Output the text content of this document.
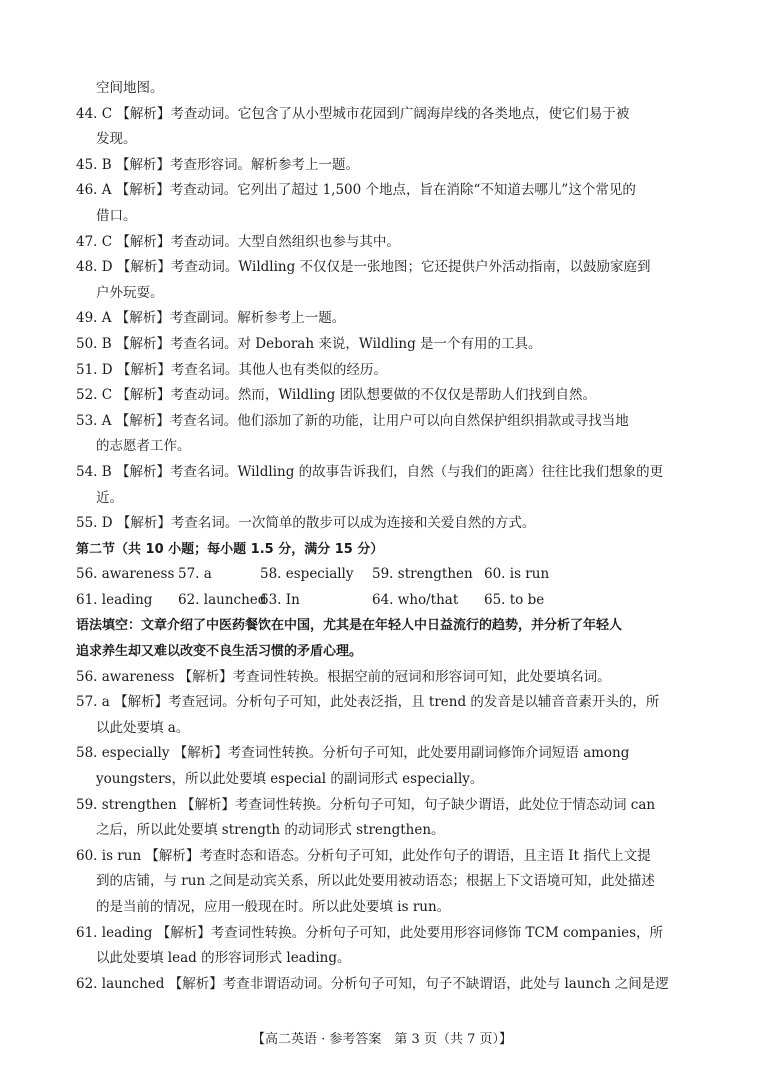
空间地图。
44. C 【解析】考查动词。它包含了从小型城市花园到广阔海岸线的各类地点，使它们易于被
发现。
45. B 【解析】考查形容词。解析参考上一题。
46. A 【解析】考查动词。它列出了超过 1,500 个地点，旨在消除“不知道去哪儿”这个常见的
借口。
47. C 【解析】考查动词。大型自然组织也参与其中。
48. D 【解析】考查动词。Wildling 不仅仅是一张地图；它还提供户外活动指南，以鼓励家庭到
户外玩耍。
49. A 【解析】考查副词。解析参考上一题。
50. B 【解析】考查名词。对 Deborah 来说，Wildling 是一个有用的工具。
51. D 【解析】考查名词。其他人也有类似的经历。
52. C 【解析】考查动词。然而，Wildling 团队想要做的不仅仅是帮助人们找到自然。
53. A 【解析】考查名词。他们添加了新的功能，让用户可以向自然保护组织捐款或寻找当地
的志愿者工作。
54. B 【解析】考查名词。Wildling 的故事告诉我们，自然（与我们的距离）往往比我们想象的更
近。
55. D 【解析】考查名词。一次简单的散步可以成为连接和关爱自然的方式。
第二节（共 10 小题；每小题 1.5 分，满分 15 分）
56. awareness 57. a	58. especially 59. strengthen 60. is run
61. leading 62. launched63. In	64. who/that 65. to be
语法填空：文章介绍了中医药餐饮在中国，尤其是在年轻人中日益流行的趋势，并分析了年轻人
追求养生却又难以改变不良生活习惯的矛盾心理。
56. awareness 【解析】考查词性转换。根据空前的冠词和形容词可知，此处要填名词。
57. a 【解析】考查冠词。分析句子可知，此处表泛指，且 trend 的发音是以辅音音素开头的，所
以此处要填 a。
58. especially 【解析】考查词性转换。分析句子可知，此处要用副词修饰介词短语 among
youngsters，所以此处要填 especial 的副词形式 especially。
59. strengthen 【解析】考查词性转换。分析句子可知，句子缺少谓语，此处位于情态动词 can
之后，所以此处要填 strength 的动词形式 strengthen。
60. is run 【解析】考查时态和语态。分析句子可知，此处作句子的谓语，且主语 It 指代上文提
到的店铺，与 run 之间是动宾关系，所以此处要用被动语态；根据上下文语境可知，此处描述
的是当前的情况，应用一般现在时。所以此处要填 is run。
61. leading 【解析】考查词性转换。分析句子可知，此处要用形容词修饰 TCM companies，所
以此处要填 lead 的形容词形式 leading。
62. launched 【解析】考查非谓语动词。分析句子可知，句子不缺谓语，此处与 launch 之间是逻
【高二英语 · 参考答案　第 3 页（共 7 页）】
